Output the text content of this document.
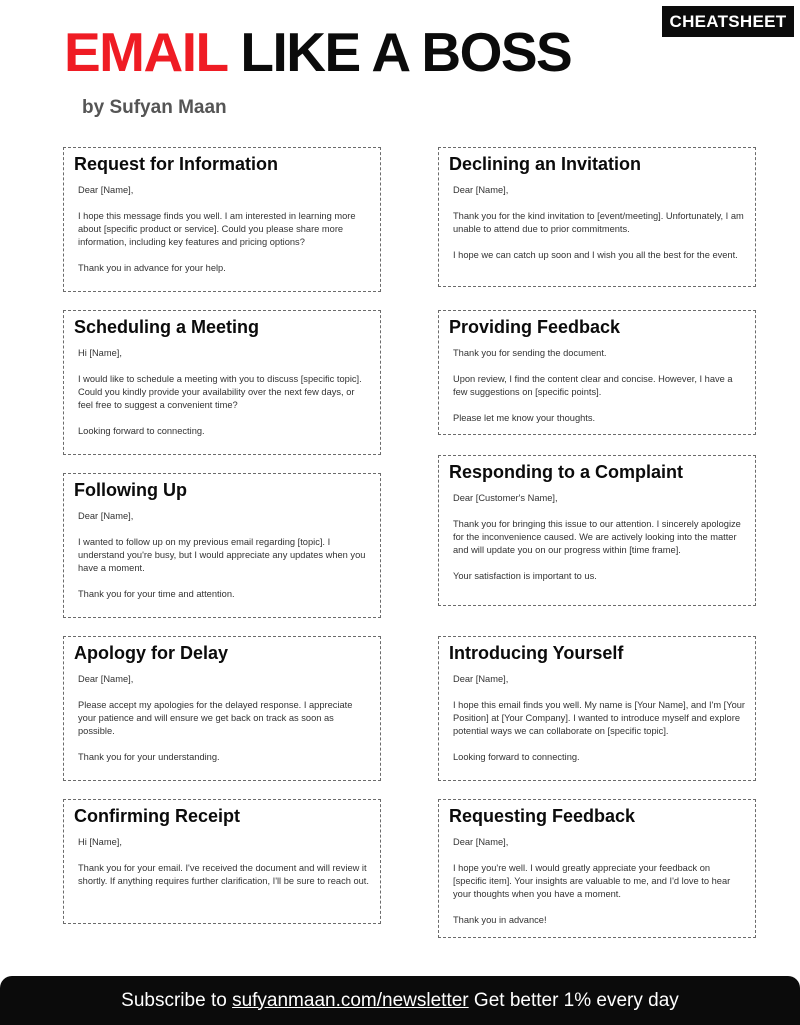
CHEATSHEET
EMAIL LIKE A BOSS
by Sufyan Maan
Request for Information

Dear [Name],

I hope this message finds you well. I am interested in learning more about [specific product or service]. Could you please share more information, including key features and pricing options?

Thank you in advance for your help.

Scheduling a Meeting

Hi [Name],

I would like to schedule a meeting with you to discuss [specific topic]. Could you kindly provide your availability over the next few days, or feel free to suggest a convenient time?

Looking forward to connecting.

Following Up

Dear [Name],

I wanted to follow up on my previous email regarding [topic]. I understand you're busy, but I would appreciate any updates when you have a moment.

Thank you for your time and attention.

Apology for Delay

Dear [Name],

Please accept my apologies for the delayed response. I appreciate your patience and will ensure we get back on track as soon as possible.

Thank you for your understanding.

Confirming Receipt

Hi [Name],

Thank you for your email. I've received the document and will review it shortly. If anything requires further clarification, I'll be sure to reach out.

Declining an Invitation

Dear [Name],

Thank you for the kind invitation to [event/meeting]. Unfortunately, I am unable to attend due to prior commitments.

I hope we can catch up soon and I wish you all the best for the event.

Providing Feedback

Thank you for sending the document.

Upon review, I find the content clear and concise. However, I have a few suggestions on [specific points].

Please let me know your thoughts.

Responding to a Complaint

Dear [Customer's Name],

Thank you for bringing this issue to our attention. I sincerely apologize for the inconvenience caused. We are actively looking into the matter and will update you on our progress within [time frame].

Your satisfaction is important to us.

Introducing Yourself

Dear [Name],

I hope this email finds you well. My name is [Your Name], and I'm [Your Position] at [Your Company]. I wanted to introduce myself and explore potential ways we can collaborate on [specific topic].

Looking forward to connecting.

Requesting Feedback

Dear [Name],

I hope you're well. I would greatly appreciate your feedback on [specific item]. Your insights are valuable to me, and I'd love to hear your thoughts when you have a moment.

Thank you in advance!

Subscribe to sufyanmaan.com/newsletter Get better 1% every day
